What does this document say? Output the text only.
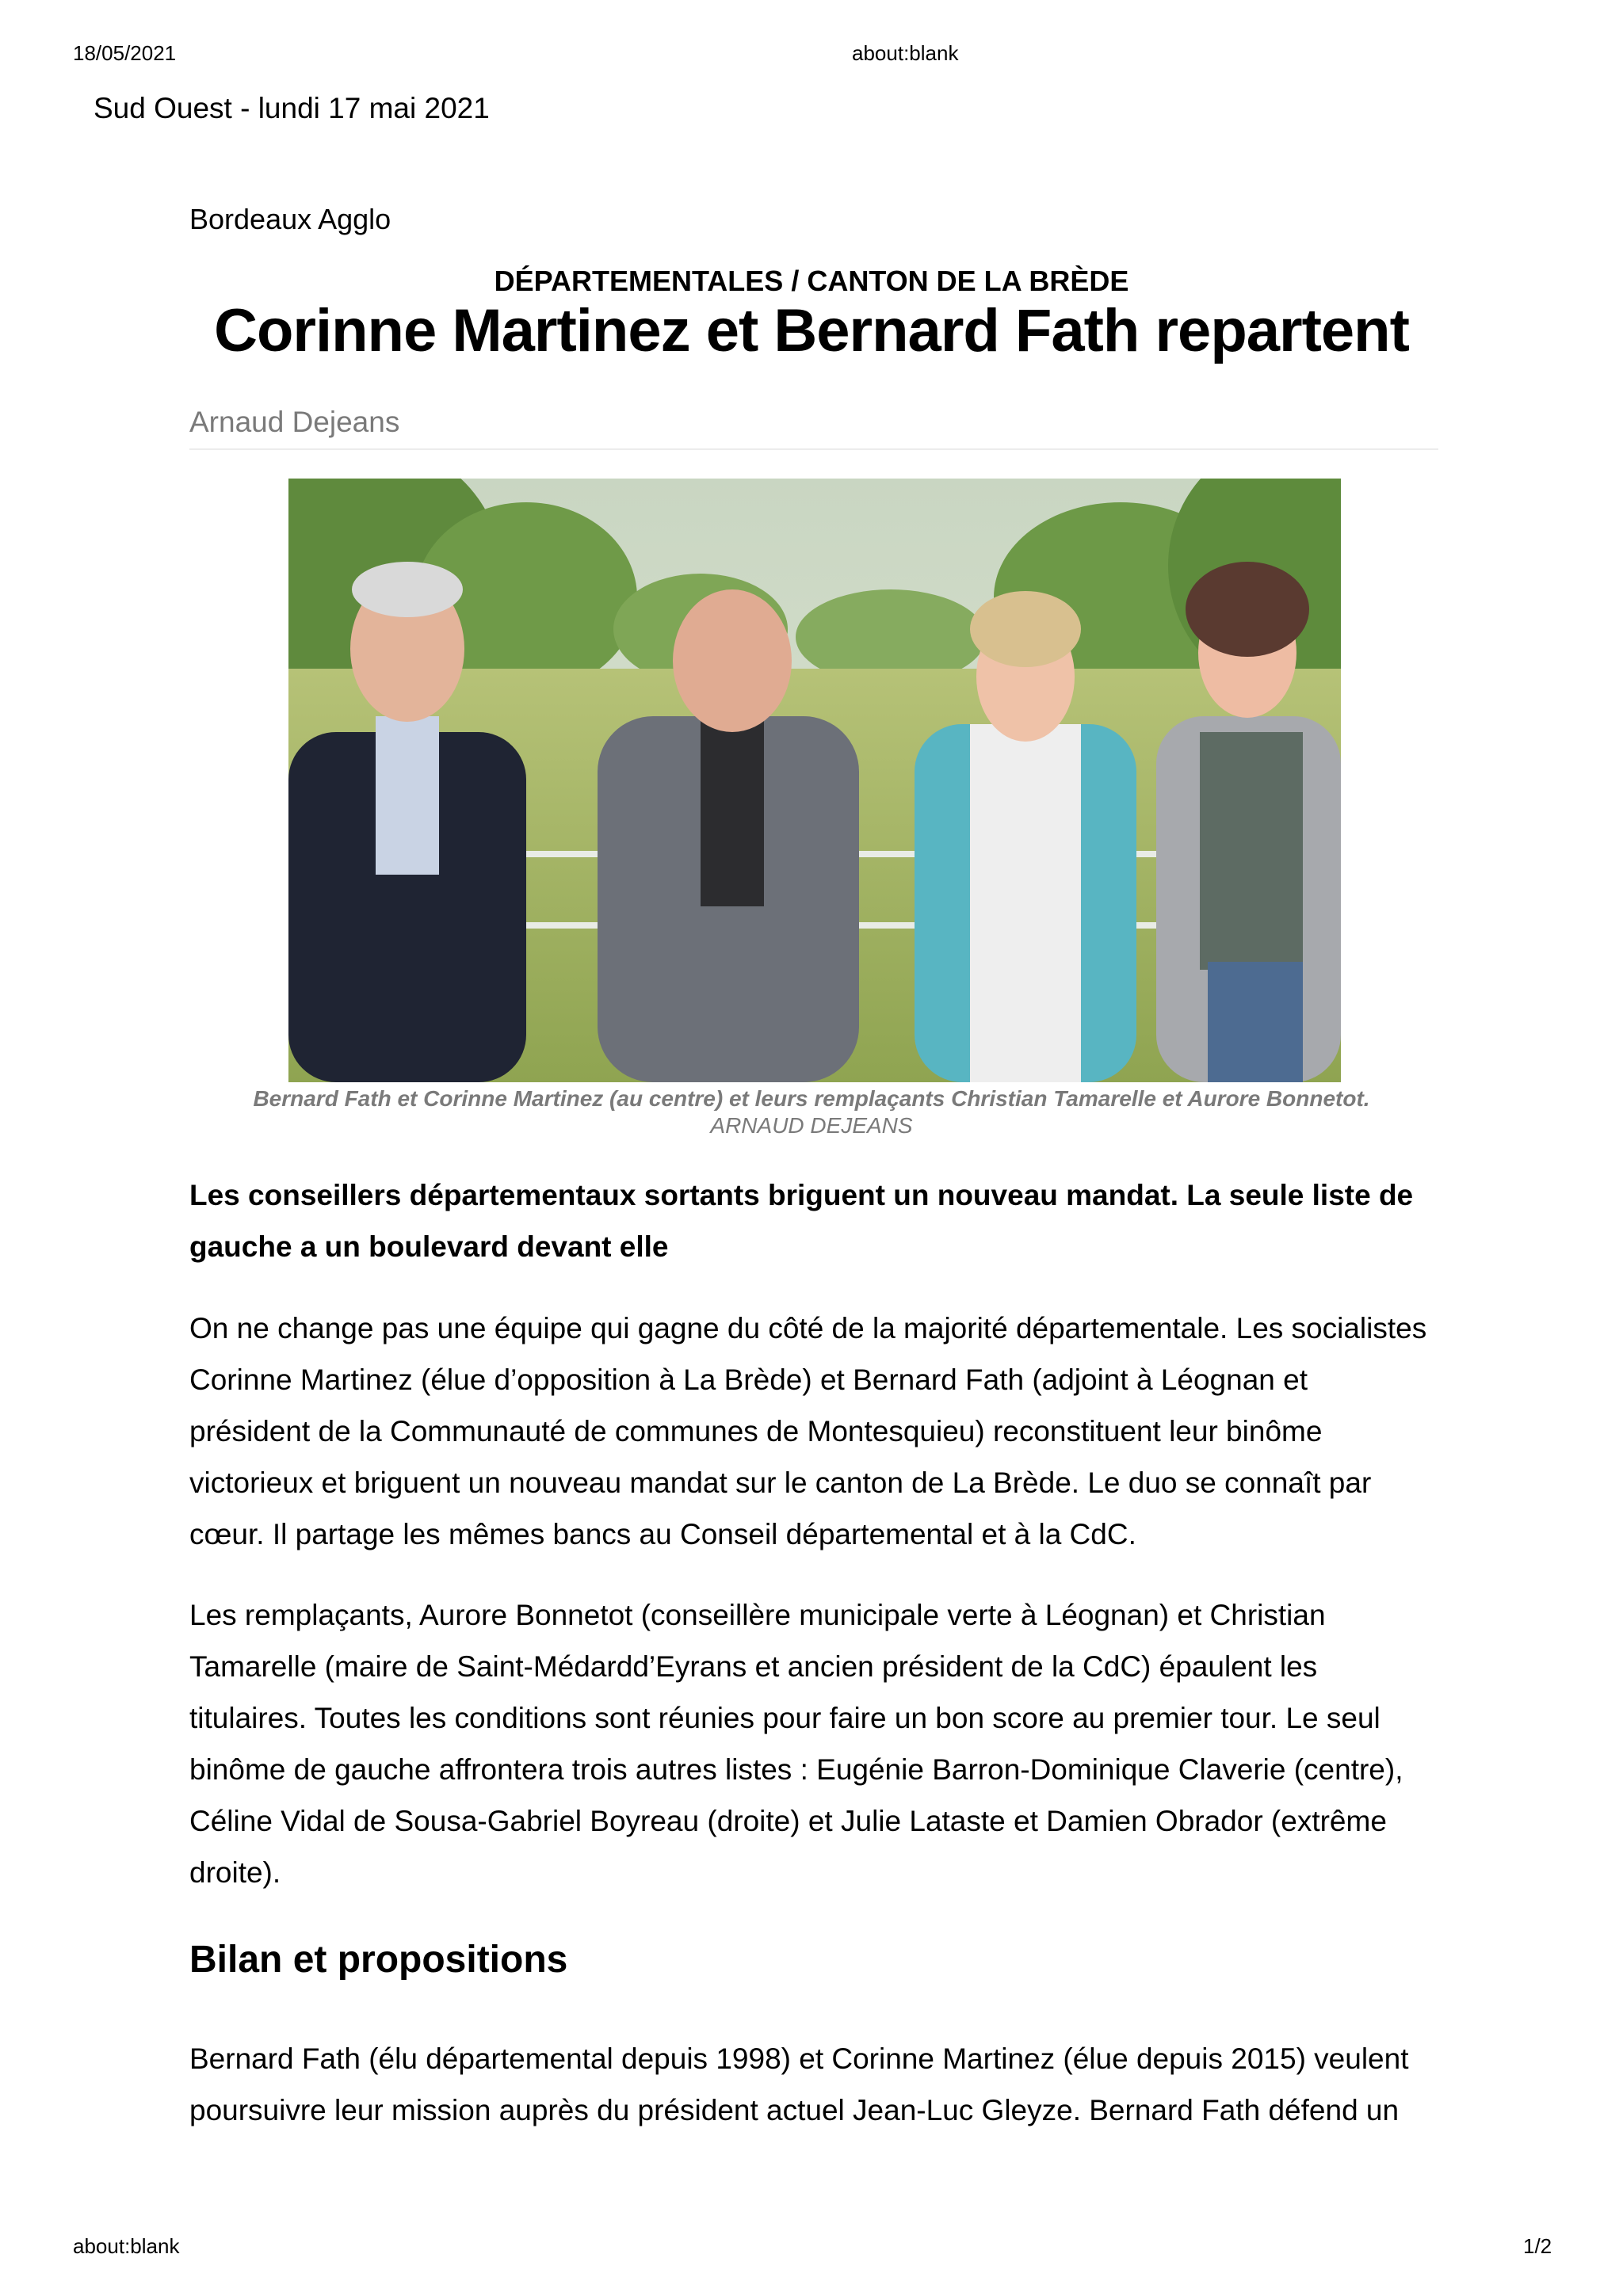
18/05/2021	about:blank
Sud Ouest - lundi 17 mai 2021
Bordeaux Agglo
DÉPARTEMENTALES / CANTON DE LA BRÈDE
Corinne Martinez et Bernard Fath repartent
Arnaud Dejeans
Bernard Fath et Corinne Martinez (au centre) et leurs remplaçants Christian Tamarelle et Aurore Bonnetot.
ARNAUD DEJEANS
Les conseillers départementaux sortants briguent un nouveau mandat. La seule liste de
gauche a un boulevard devant elle
On ne change pas une équipe qui gagne du côté de la majorité départementale. Les socialistes
Corinne Martinez (élue d’opposition à La Brède) et Bernard Fath (adjoint à Léognan et
président de la Communauté de communes de Montesquieu) reconstituent leur binôme
victorieux et briguent un nouveau mandat sur le canton de La Brède. Le duo se connaît par
cœur. Il partage les mêmes bancs au Conseil départemental et à la CdC.
Les remplaçants, Aurore Bonnetot (conseillère municipale verte à Léognan) et Christian
Tamarelle (maire de Saint-Médardd’Eyrans et ancien président de la CdC) épaulent les
titulaires. Toutes les conditions sont réunies pour faire un bon score au premier tour. Le seul
binôme de gauche affrontera trois autres listes : Eugénie Barron-Dominique Claverie (centre),
Céline Vidal de Sousa-Gabriel Boyreau (droite) et Julie Lataste et Damien Obrador (extrême
droite).
Bilan et propositions
Bernard Fath (élu départemental depuis 1998) et Corinne Martinez (élue depuis 2015) veulent
poursuivre leur mission auprès du président actuel Jean-Luc Gleyze. Bernard Fath défend un
about:blank	1/2
